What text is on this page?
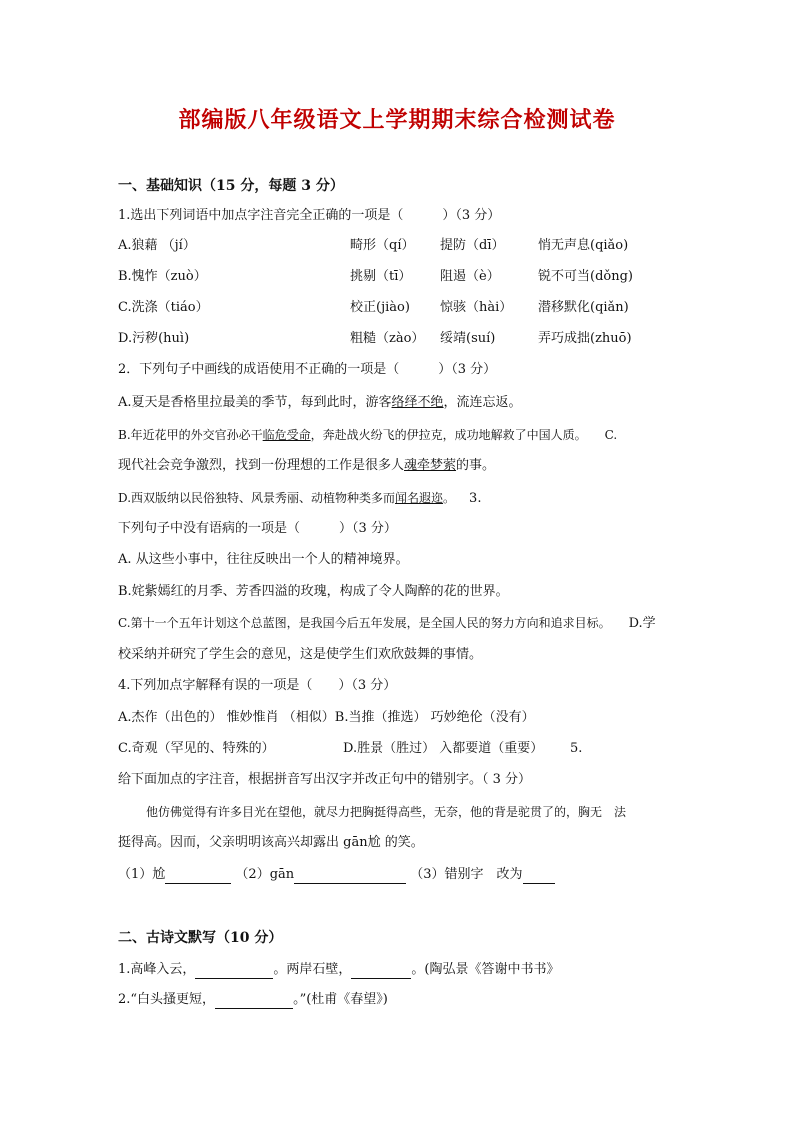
部编版八年级语文上学期期末综合检测试卷
一、基础知识（15 分，每题 3 分）
1.选出下列词语中加点字注音完全正确的一项是（　　　）（3 分）
A.狼藉 （jí）	畸形（qí） 提防（dī）	悄无声息(qiǎo)
B.愧怍（zuò）	挑剔（tī） 阻遏（è）	锐不可当(dǒng)
C.洗涤（tiáo）	校正(jiào) 惊骇（hài） 潜移默化(qiǎn)
D.污秽(huì)	粗糙（zào） 绥靖(suí)	弄巧成拙(zhuō)
2．下列句子中画线的成语使用不正确的一项是（　　　）（3 分）
A.夏天是香格里拉最美的季节，每到此时，游客络绎不绝，流连忘返。
B.年近花甲的外交官孙必干临危受命，奔赴战火纷飞的伊拉克，成功地解救了中国人质。 C.
现代社会竞争激烈，找到一份理想的工作是很多人魂牵梦萦的事。
D.西双版纳以民俗独特、风景秀丽、动植物种类多而闻名遐迩。 3.
下列句子中没有语病的一项是（　　　）（3 分）
A. 从这些小事中，往往反映出一个人的精神境界。
B.姹紫嫣红的月季、芳香四溢的玫瑰，构成了令人陶醉的花的世界。
C.第十一个五年计划这个总蓝图，是我国今后五年发展，是全国人民的努力方向和追求目标。 D.学
校采纳并研究了学生会的意见，这是使学生们欢欣鼓舞的事情。
4.下列加点字解释有误的一项是（　　）（3 分）
A.杰作（出色的） 惟妙惟肖 （相似）B.当推（推选） 巧妙绝伦（没有）
C.奇观（罕见的、特殊的）	D.胜景（胜过） 入都要道（重要） 5.
给下面加点的字注音，根据拼音写出汉字并改正句中的错别字。（ 3 分）
他仿佛觉得有许多目光在望他，就尽力把胸挺得高些，无奈，他的背是驼贯了的，胸无　法
挺得高。因而，父亲明明该高兴却露出 gān尬 的笑。
（1）尬	（2）gān	（3）错别字　改为
二、古诗文默写（10 分）
1.高峰入云，	。两岸石壁，	。(陶弘景《答谢中书书》
2.“白头搔更短，	。”(杜甫《春望》)
